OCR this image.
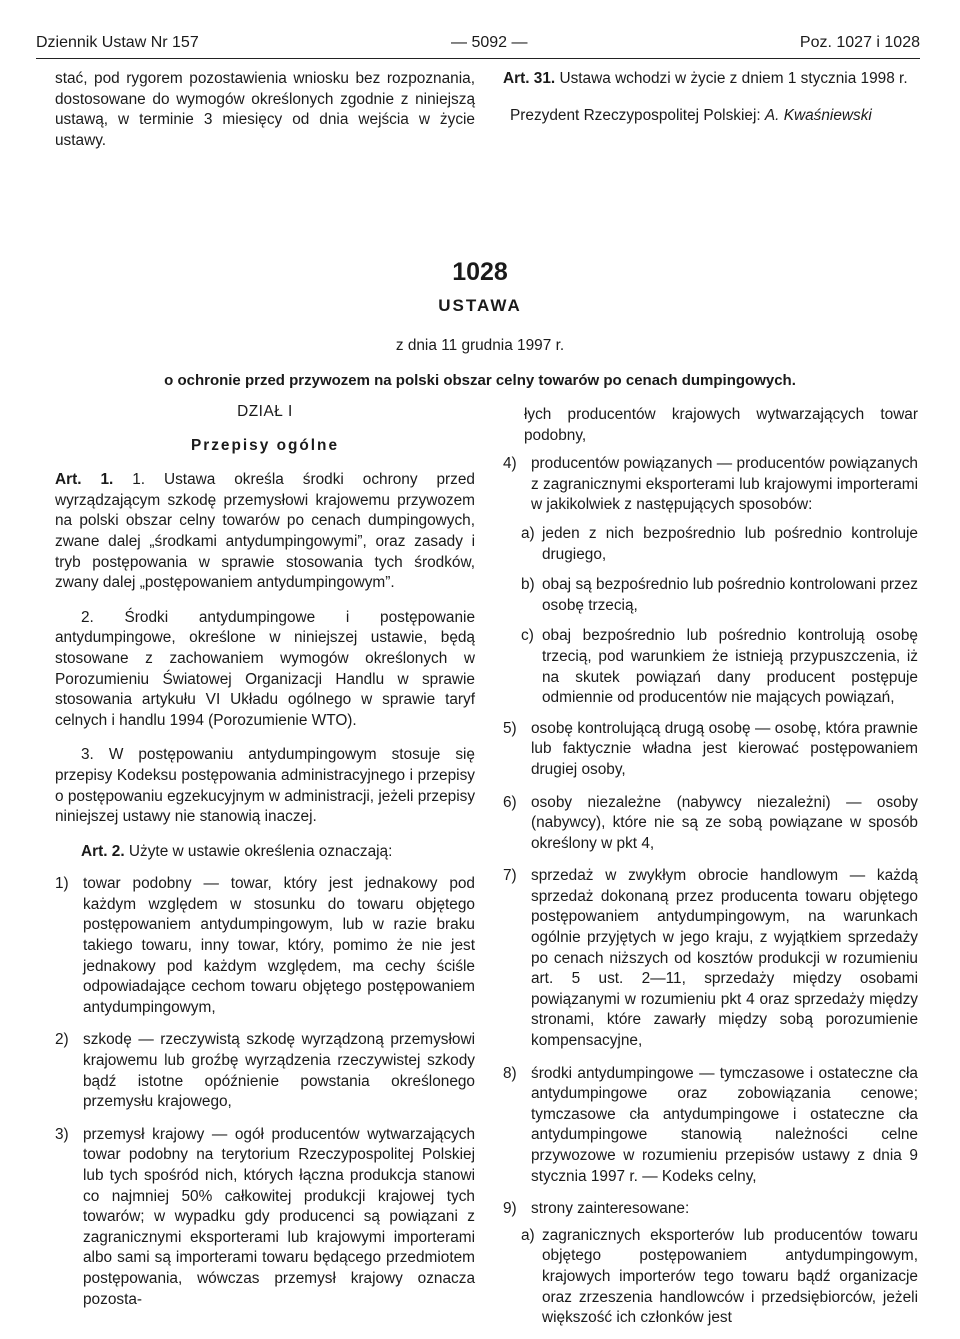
Dziennik Ustaw Nr 157	— 5092 —	Poz. 1027 i 1028

stać, pod rygorem pozostawienia wniosku bez rozpoznania, dostosowane do wymogów określonych zgodnie z niniejszą ustawą, w terminie 3 miesięcy od dnia wejścia w życie ustawy.

Art. 31. Ustawa wchodzi w życie z dniem 1 stycznia 1998 r.

Prezydent Rzeczypospolitej Polskiej: A. Kwaśniewski

1028
USTAWA
z dnia 11 grudnia 1997 r.
o ochronie przed przywozem na polski obszar celny towarów po cenach dumpingowych.

DZIAŁ I

Przepisy ogólne

Art. 1. 1. Ustawa określa środki ochrony przed wyrządzającym szkodę przemysłowi krajowemu przywozem na polski obszar celny towarów po cenach dumpingowych, zwane dalej „środkami antydumpingowymi”, oraz zasady i tryb postępowania w sprawie stosowania tych środków, zwany dalej „postępowaniem antydumpingowym”.

2. Środki antydumpingowe i postępowanie antydumpingowe, określone w niniejszej ustawie, będą stosowane z zachowaniem wymogów określonych w Porozumieniu Światowej Organizacji Handlu w sprawie stosowania artykułu VI Układu ogólnego w sprawie taryf celnych i handlu 1994 (Porozumienie WTO).

3. W postępowaniu antydumpingowym stosuje się przepisy Kodeksu postępowania administracyjnego i przepisy o postępowaniu egzekucyjnym w administracji, jeżeli przepisy niniejszej ustawy nie stanowią inaczej.

Art. 2. Użyte w ustawie określenia oznaczają:

1) towar podobny — towar, który jest jednakowy pod każdym względem w stosunku do towaru objętego postępowaniem antydumpingowym, lub w razie braku takiego towaru, inny towar, który, pomimo że nie jest jednakowy pod każdym względem, ma cechy ściśle odpowiadające cechom towaru objętego postępowaniem antydumpingowym,
2) szkodę — rzeczywistą szkodę wyrządzoną przemysłowi krajowemu lub groźbę wyrządzenia rzeczywistej szkody bądź istotne opóźnienie powstania określonego przemysłu krajowego,
3) przemysł krajowy — ogół producentów wytwarzających towar podobny na terytorium Rzeczypospolitej Polskiej lub tych spośród nich, których łączna produkcja stanowi co najmniej 50% całkowitej produkcji krajowej tych towarów; w wypadku gdy producenci są powiązani z zagranicznymi eksporterami lub krajowymi importerami albo sami są importerami towaru będącego przedmiotem postępowania, wówczas przemysł krajowy oznacza pozosta-

łych producentów krajowych wytwarzających towar podobny,

4) producentów powiązanych — producentów powiązanych z zagranicznymi eksporterami lub krajowymi importerami w jakikolwiek z następujących sposobów:
a) jeden z nich bezpośrednio lub pośrednio kontroluje drugiego,
b) obaj są bezpośrednio lub pośrednio kontrolowani przez osobę trzecią,
c) obaj bezpośrednio lub pośrednio kontrolują osobę trzecią, pod warunkiem że istnieją przypuszczenia, iż na skutek powiązań dany producent postępuje odmiennie od producentów nie mających powiązań,
5) osobę kontrolującą drugą osobę — osobę, która prawnie lub faktycznie władna jest kierować postępowaniem drugiej osoby,
6) osoby niezależne (nabywcy niezależni) — osoby (nabywcy), które nie są ze sobą powiązane w sposób określony w pkt 4,
7) sprzedaż w zwykłym obrocie handlowym — każdą sprzedaż dokonaną przez producenta towaru objętego postępowaniem antydumpingowym, na warunkach ogólnie przyjętych w jego kraju, z wyjątkiem sprzedaży po cenach niższych od kosztów produkcji w rozumieniu art. 5 ust. 2—11, sprzedaży między osobami powiązanymi w rozumieniu pkt 4 oraz sprzedaży między stronami, które zawarły między sobą porozumienie kompensacyjne,
8) środki antydumpingowe — tymczasowe i ostateczne cła antydumpingowe oraz zobowiązania cenowe; tymczasowe cła antydumpingowe i ostateczne cła antydumpingowe stanowią należności celne przywozowe w rozumieniu przepisów ustawy z dnia 9 stycznia 1997 r. — Kodeks celny,
9) strony zainteresowane:
a) zagranicznych eksporterów lub producentów towaru objętego postępowaniem antydumpingowym, krajowych importerów tego towaru bądź organizacje oraz zrzeszenia handlowców i przedsiębiorców, jeżeli większość ich członków jest
